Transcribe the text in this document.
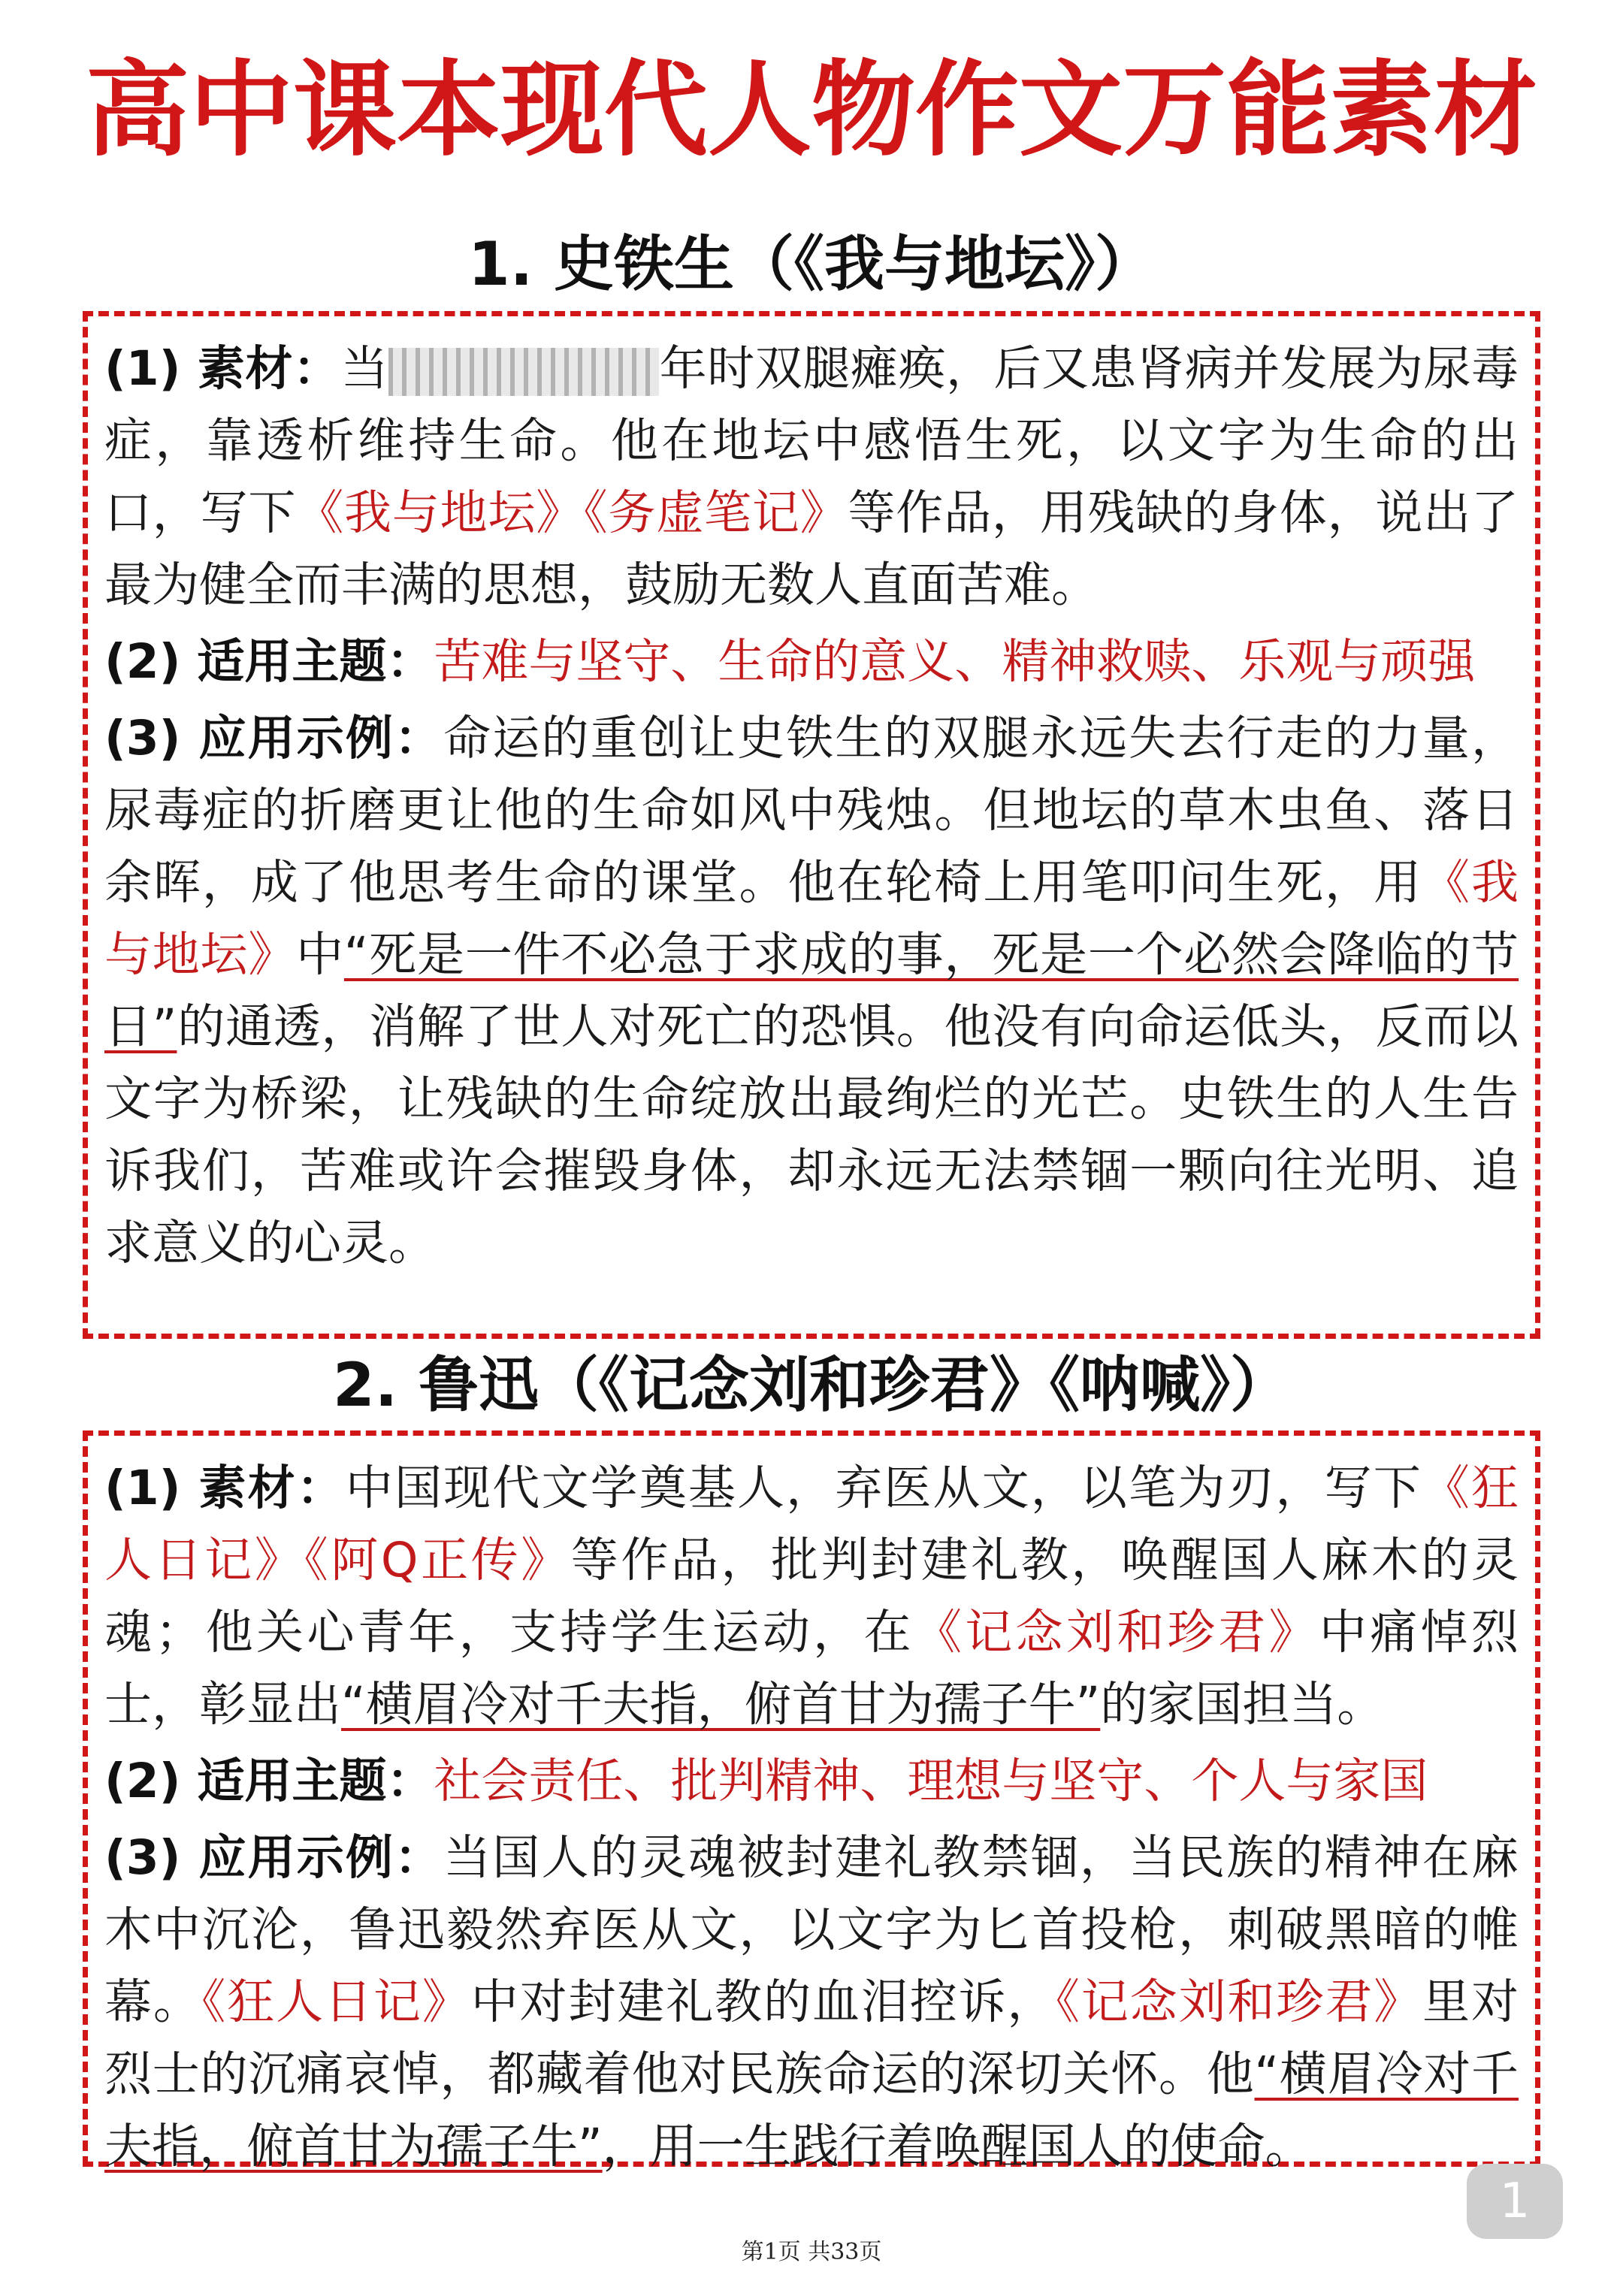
高中课本现代人物作文万能素材
1. 史铁生（《我与地坛》）

(1) 素材：当	年时双腿瘫痪，后又患肾病并发展为尿毒症，靠透析维持生命。他在地坛中感悟生死，以文字为生命的出口，写下《我与地坛》《务虚笔记》等作品，用残缺的身体，说出了最为健全而丰满的思想，鼓励无数人直面苦难。

(2) 适用主题：苦难与坚守、生命的意义、精神救赎、乐观与顽强

(3) 应用示例：命运的重创让史铁生的双腿永远失去行走的力量，尿毒症的折磨更让他的生命如风中残烛。但地坛的草木虫鱼、落日余晖，成了他思考生命的课堂。他在轮椅上用笔叩问生死，用《我与地坛》中“死是一件不必急于求成的事，死是一个必然会降临的节日”的通透，消解了世人对死亡的恐惧。他没有向命运低头，反而以文字为桥梁，让残缺的生命绽放出最绚烂的光芒。史铁生的人生告诉我们，苦难或许会摧毁身体，却永远无法禁锢一颗向往光明、追求意义的心灵。

2. 鲁迅（《记念刘和珍君》《呐喊》）

(1) 素材：中国现代文学奠基人，弃医从文，以笔为刃，写下《狂人日记》《阿Q正传》等作品，批判封建礼教，唤醒国人麻木的灵魂；他关心青年，支持学生运动，在《记念刘和珍君》中痛悼烈士，彰显出“横眉冷对千夫指，俯首甘为孺子牛”的家国担当。

(2) 适用主题：社会责任、批判精神、理想与坚守、个人与家国

(3) 应用示例：当国人的灵魂被封建礼教禁锢，当民族的精神在麻木中沉沦，鲁迅毅然弃医从文，以文字为匕首投枪，刺破黑暗的帷幕。《狂人日记》中对封建礼教的血泪控诉，《记念刘和珍君》里对烈士的沉痛哀悼，都藏着他对民族命运的深切关怀。他“横眉冷对千夫指，俯首甘为孺子牛”，用一生践行着唤醒国人的使命。

1
第1页 共33页
